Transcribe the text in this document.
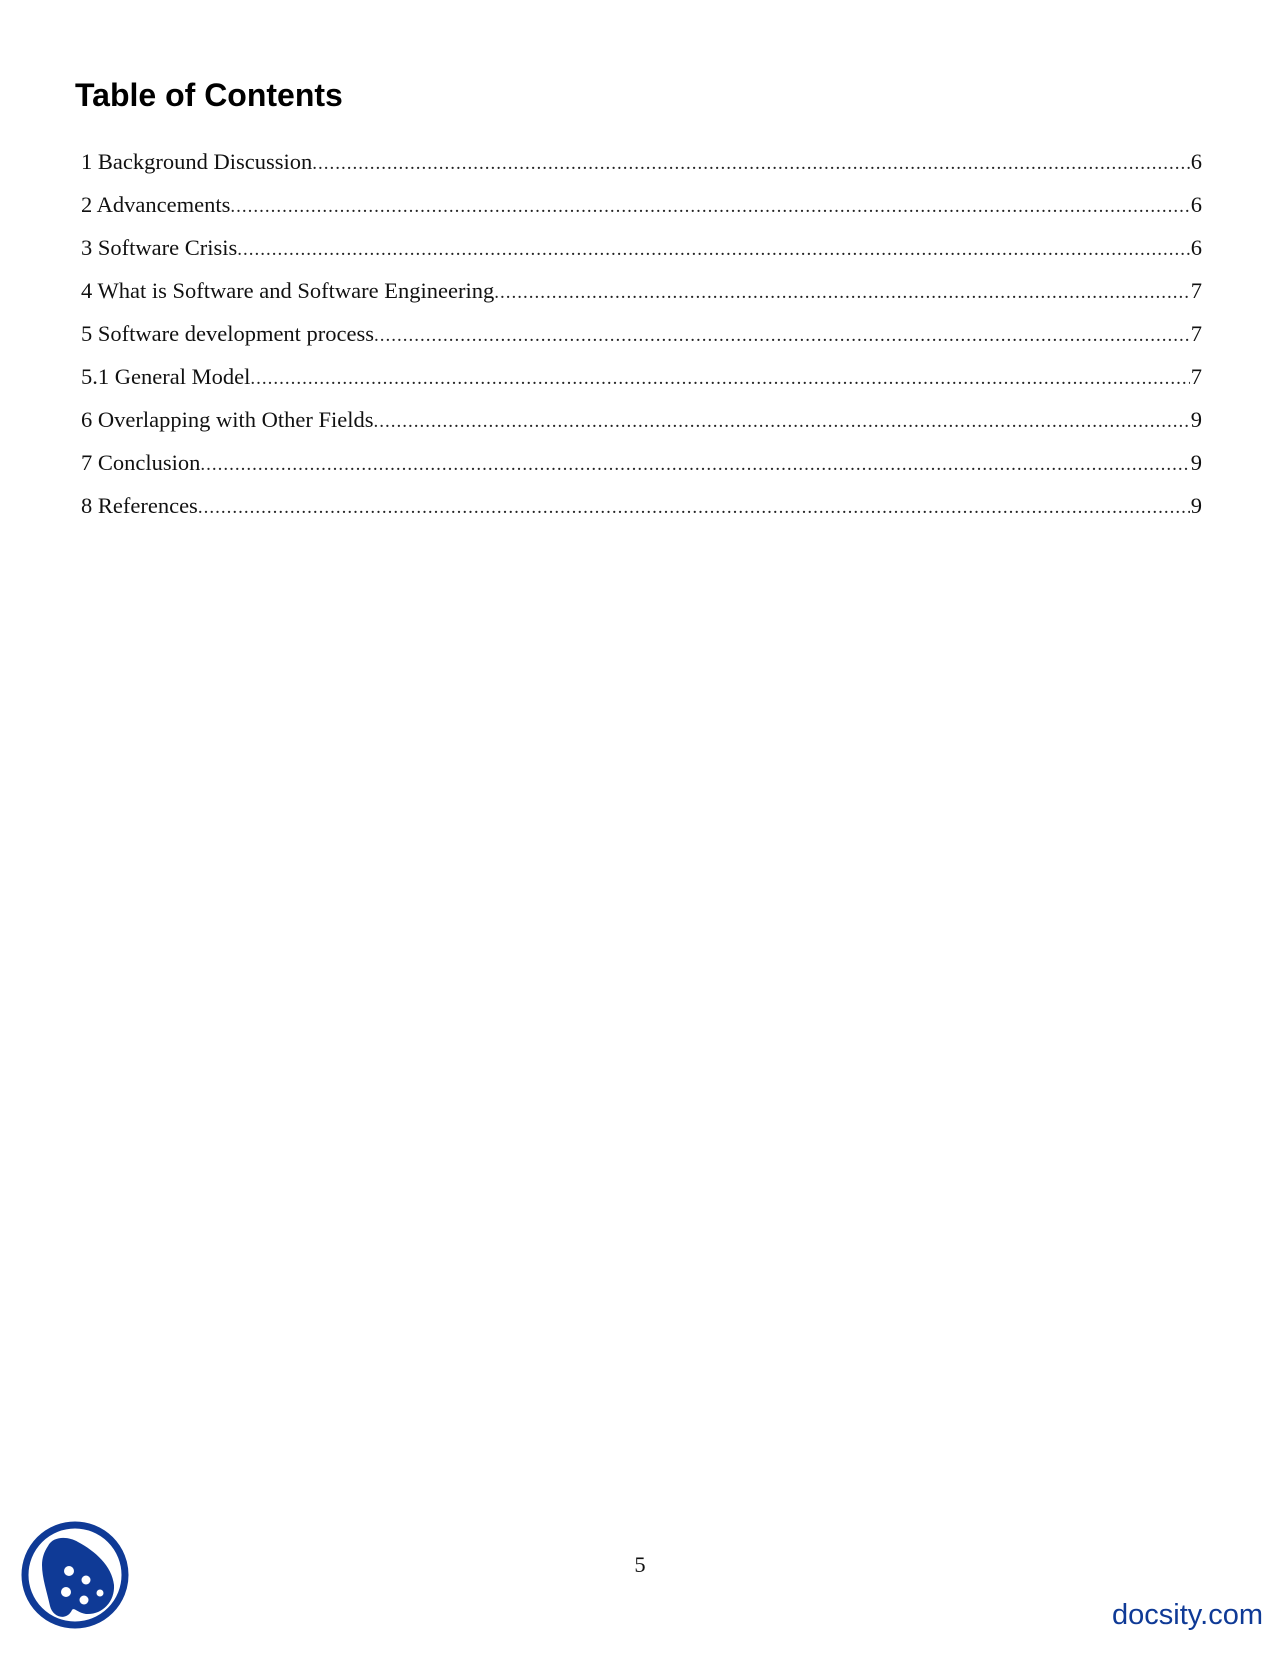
Table of Contents
1 Background Discussion .....	6
2 Advancements .....	6
3 Software Crisis .....	6
4 What is Software and Software Engineering .....	7
5 Software development process .....	7
5.1 General Model .....	7
6 Overlapping with Other Fields .....	9
7 Conclusion .....	9
8 References .....	9
5
docsity.com
